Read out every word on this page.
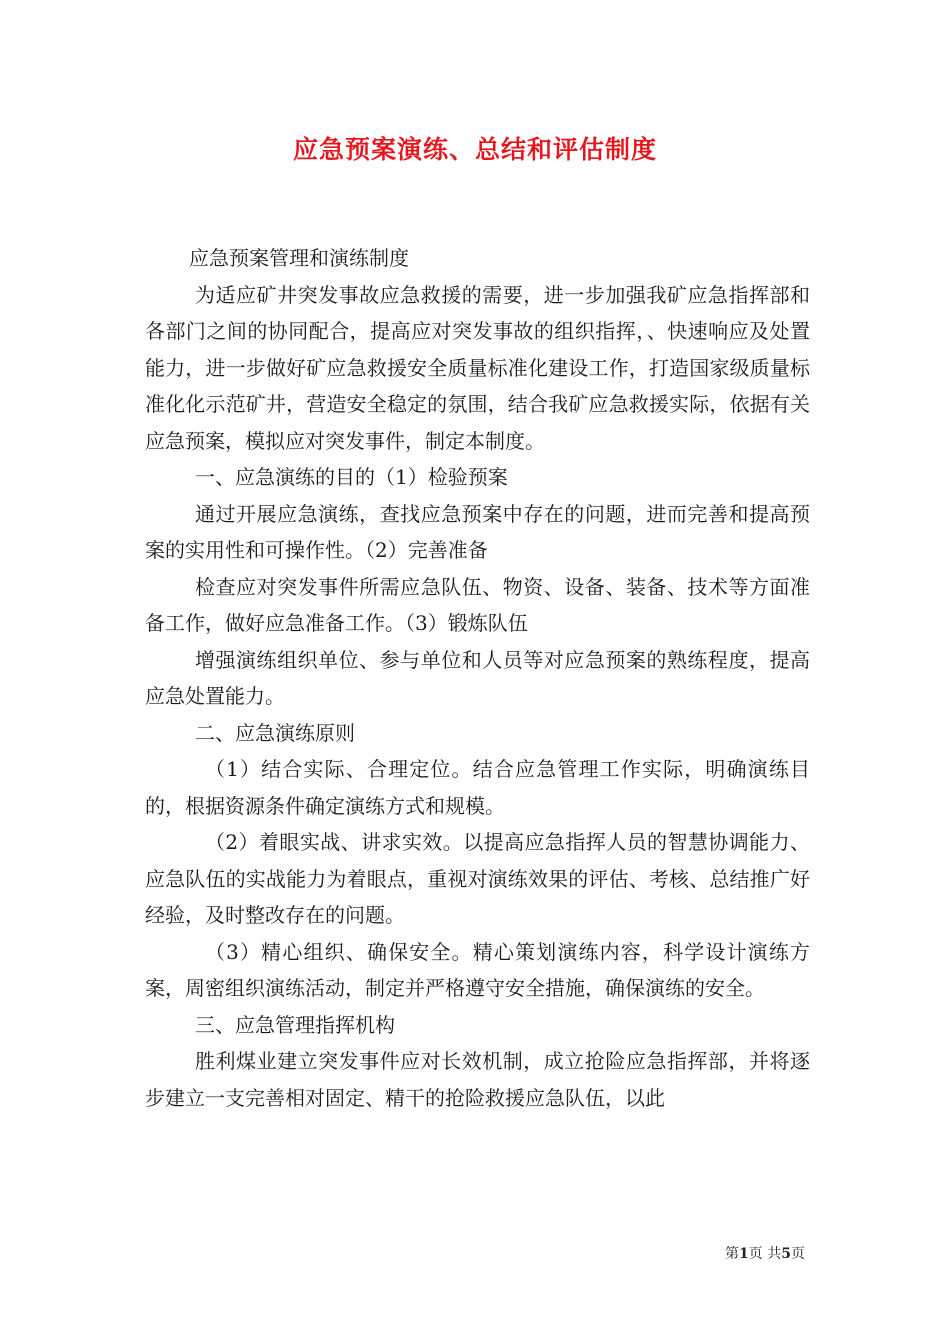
应急预案演练、总结和评估制度

应急预案管理和演练制度

为适应矿井突发事故应急救援的需要，进一步加强我矿应急指挥部和各部门之间的协同配合，提高应对突发事故的组织指挥，、快速响应及处置能力，进一步做好矿应急救援安全质量标准化建设工作，打造国家级质量标准化化示范矿井，营造安全稳定的氛围，结合我矿应急救援实际，依据有关应急预案，模拟应对突发事件，制定本制度。

一、应急演练的目的（1）检验预案

通过开展应急演练，查找应急预案中存在的问题，进而完善和提高预案的实用性和可操作性。（2）完善准备

检查应对突发事件所需应急队伍、物资、设备、装备、技术等方面准备工作，做好应急准备工作。（3）锻炼队伍

增强演练组织单位、参与单位和人员等对应急预案的熟练程度，提高应急处置能力。

二、应急演练原则

（1）结合实际、合理定位。结合应急管理工作实际，明确演练目的，根据资源条件确定演练方式和规模。

（2）着眼实战、讲求实效。以提高应急指挥人员的智慧协调能力、应急队伍的实战能力为着眼点，重视对演练效果的评估、考核、总结推广好经验，及时整改存在的问题。

（3）精心组织、确保安全。精心策划演练内容，科学设计演练方案，周密组织演练活动，制定并严格遵守安全措施，确保演练的安全。

三、应急管理指挥机构

胜利煤业建立突发事件应对长效机制，成立抢险应急指挥部，并将逐步建立一支完善相对固定、精干的抢险救援应急队伍，以此

第1页 共5页
